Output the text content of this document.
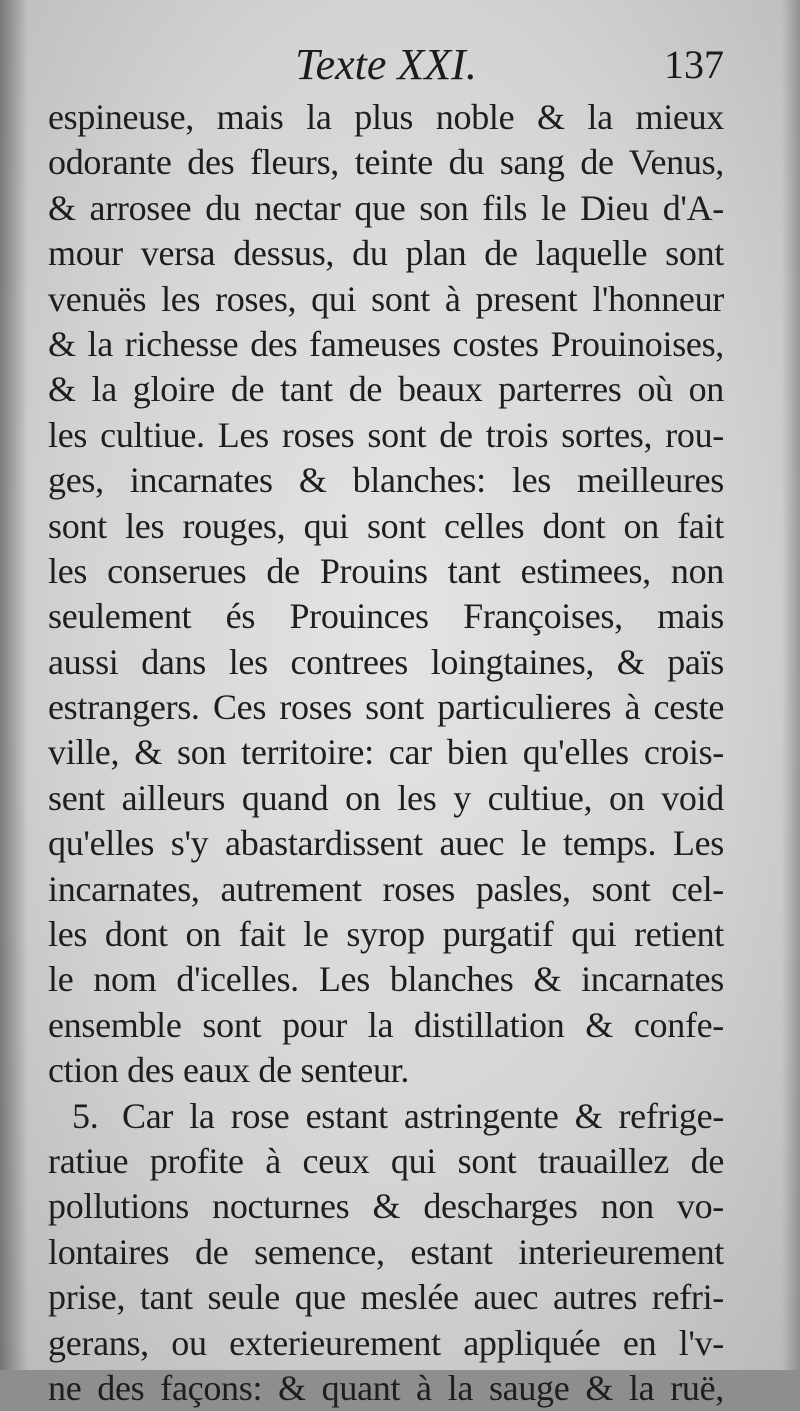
Texte XXI.	137
espineuse, mais la plus noble & la mieux
odorante des fleurs, teinte du sang de Venus,
& arrosee du nectar que son fils le Dieu d'A-
mour versa dessus, du plan de laquelle sont
venuës les roses, qui sont à present l'honneur
& la richesse des fameuses costes Prouinoises,
& la gloire de tant de beaux parterres où on
les cultiue. Les roses sont de trois sortes, rou-
ges, incarnates & blanches: les meilleures
sont les rouges, qui sont celles dont on fait
les conserues de Prouins tant estimees, non
seulement és Prouinces Françoises, mais
aussi dans les contrees loingtaines, & païs
estrangers. Ces roses sont particulieres à ceste
ville, & son territoire: car bien qu'elles crois-
sent ailleurs quand on les y cultiue, on void
qu'elles s'y abastardissent auec le temps. Les
incarnates, autrement roses pasles, sont cel-
les dont on fait le syrop purgatif qui retient
le nom d'icelles. Les blanches & incarnates
ensemble sont pour la distillation & confe-
ction des eaux de senteur.
5. Car la rose estant astringente & refrige-
ratiue profite à ceux qui sont trauaillez de
pollutions nocturnes & descharges non vo-
lontaires de semence, estant interieurement
prise, tant seule que meslée auec autres refri-
gerans, ou exterieurement appliquée en l'v-
ne des façons: & quant à la sauge & la ruë,
